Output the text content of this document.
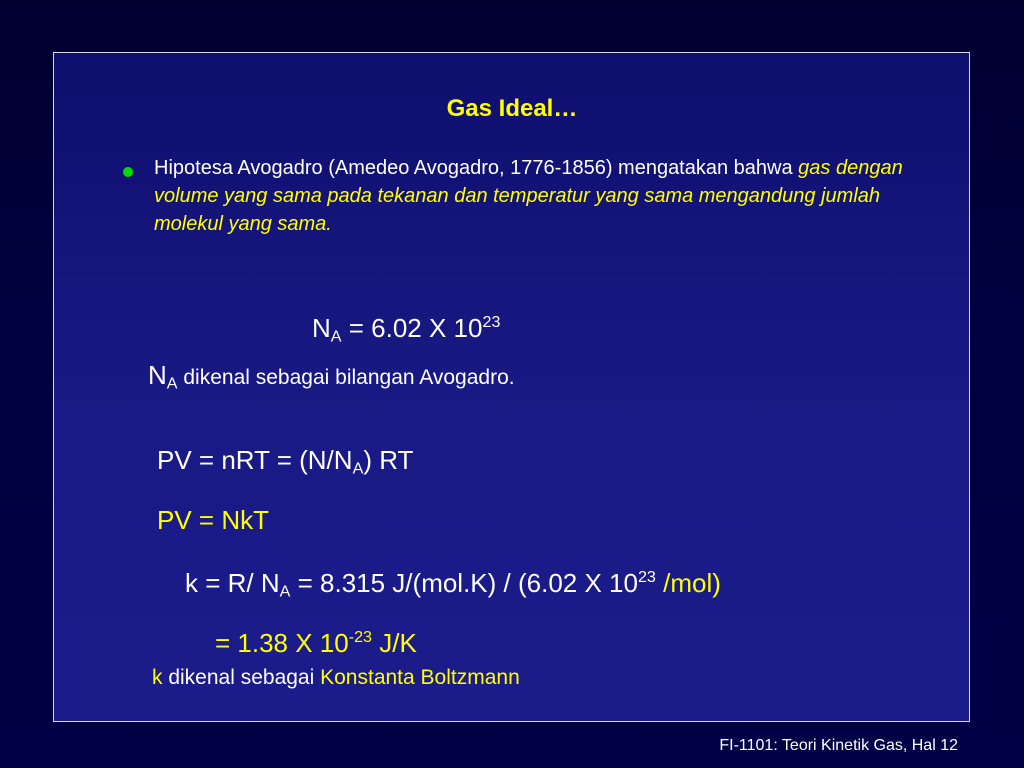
Gas Ideal…
Hipotesa Avogadro (Amedeo Avogadro, 1776-1856) mengatakan bahwa gas dengan volume yang sama pada tekanan dan temperatur yang sama mengandung jumlah molekul yang sama.
$N_A = 6.02$ X $10^{23}$
$N_A$ dikenal sebagai bilangan Avogadro.
PV = nRT = $(N/N_A)$ RT
PV = NkT
k = R/ $N_A = 8.315$ J/(mol.K) / (6.02 X $10^{23}$ /mol)
= 1.38 X $10^{-23}$ J/K
k dikenal sebagai Konstanta Boltzmann
FI-1101: Teori Kinetik Gas, Hal 12
